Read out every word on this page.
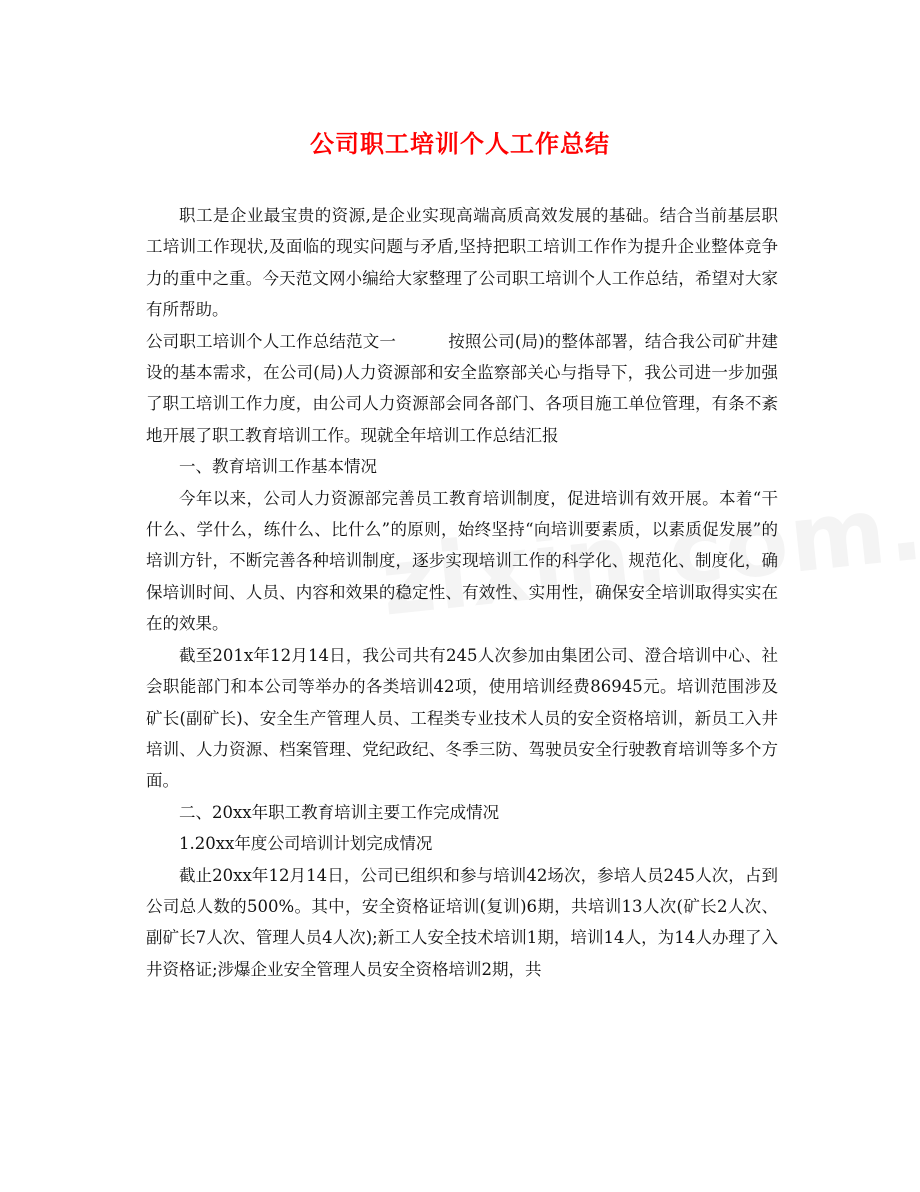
公司职工培训个人工作总结

职工是企业最宝贵的资源,是企业实现高端高质高效发展的基础。结合当前基层职工培训工作现状,及面临的现实问题与矛盾,坚持把职工培训工作作为提升企业整体竞争力的重中之重。今天范文网小编给大家整理了公司职工培训个人工作总结，希望对大家有所帮助。

公司职工培训个人工作总结范文一	按照公司(局)的整体部署，结合我公司矿井建设的基本需求，在公司(局)人力资源部和安全监察部关心与指导下，我公司进一步加强了职工培训工作力度，由公司人力资源部会同各部门、各项目施工单位管理，有条不紊地开展了职工教育培训工作。现就全年培训工作总结汇报

一、教育培训工作基本情况

今年以来，公司人力资源部完善员工教育培训制度，促进培训有效开展。本着“干什么、学什么，练什么、比什么”的原则，始终坚持“向培训要素质，以素质促发展”的培训方针，不断完善各种培训制度，逐步实现培训工作的科学化、规范化、制度化，确保培训时间、人员、内容和效果的稳定性、有效性、实用性，确保安全培训取得实实在在的效果。

截至201x年12月14日，我公司共有245人次参加由集团公司、澄合培训中心、社会职能部门和本公司等举办的各类培训42项，使用培训经费86945元。培训范围涉及矿长(副矿长)、安全生产管理人员、工程类专业技术人员的安全资格培训，新员工入井培训、人力资源、档案管理、党纪政纪、冬季三防、驾驶员安全行驶教育培训等多个方面。

二、20xx年职工教育培训主要工作完成情况

1.20xx年度公司培训计划完成情况

截止20xx年12月14日，公司已组织和参与培训42场次，参培人员245人次，占到公司总人数的500%。其中，安全资格证培训(复训)6期，共培训13人次(矿长2人次、副矿长7人次、管理人员4人次);新工人安全技术培训1期，培训14人，为14人办理了入井资格证;涉爆企业安全管理人员安全资格培训2期，共
